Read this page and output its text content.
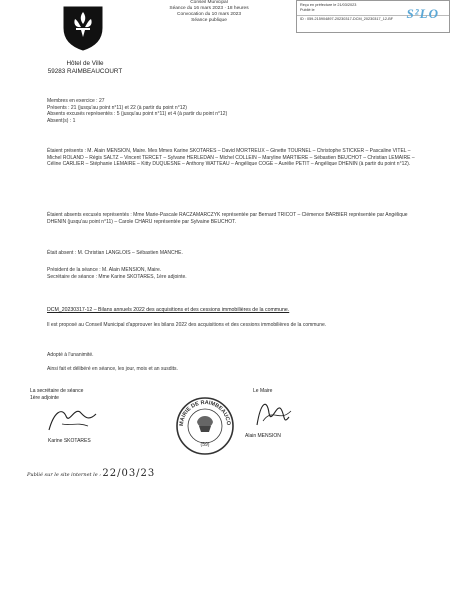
Hôtel de Ville
59283 RAIMBEAUCOURT
Conseil Municipal
Séance du 16 mars 2023 · 18 heures
Convocation du 10 mars 2023
Séance publique
Reçu en préfecture le 21/03/2023
Publié le
ID : 059-215904897-20230317-DCM_20230317_12-BF	S²LO

Membres en exercice : 27

Présents : 21 (jusqu'au point n°11) et 22 (à partir du point n°12)

Absents excusés représentés : 5 (jusqu'au point n°11) et 4 (à partir du point n°12)

Absent(s) : 1

Étaient présents : M. Alain MENSION, Maire. Mes Mmes Karine SKOTARES – David MORTREUX – Ginette TOURNEL – Christophe STICKER – Pascaline VITEL – Michel ROLAND – Régis SALTZ – Vincent TERCET – Sylvane HERLEDAN – Michel COLLEIN – Maryline MARTIERE – Sébastien BEUCHOT – Christian LEMAIRE – Céline CARLIER – Stéphanie LEMAIRE – Kitty DUQUESNE – Anthony WATTEAU – Angélique COGE – Aurélie PETIT – Angélique DHENIN (à partir du point n°12).
Étaient absents excusés représentés : Mme Marie-Pascale RACZAMARCZYK représentée par Bernard TRICOT – Clémence BARBIER représentée par Angélique DHENIN (jusqu'au point n°11) – Carole CHARU représentée par Sylvaine BEUCHOT.
Était absent : M. Christian LANGLOIS – Sébastien MANCHE.

Président de la séance : M. Alain MENSION, Maire.

Secrétaire de séance : Mme Karine SKOTARES, 1ère adjointe.

DCM_20230317-12 – Bilans annuels 2022 des acquisitions et des cessions immobilières de la commune.
Il est proposé au Conseil Municipal d'approuver les bilans 2022 des acquisitions et des cessions immobilières de la commune.
Adopté à l'unanimité.
Ainsi fait et délibéré en séance, les jour, mois et an susdits.
La secrétaire de séance
1ère adjointe
Karine SKOTARES
MAIRIE DE RAIMBEAUCO
(59)
Le Maire
Alain MENSION
Publié sur le site internet le : 22/03/23
